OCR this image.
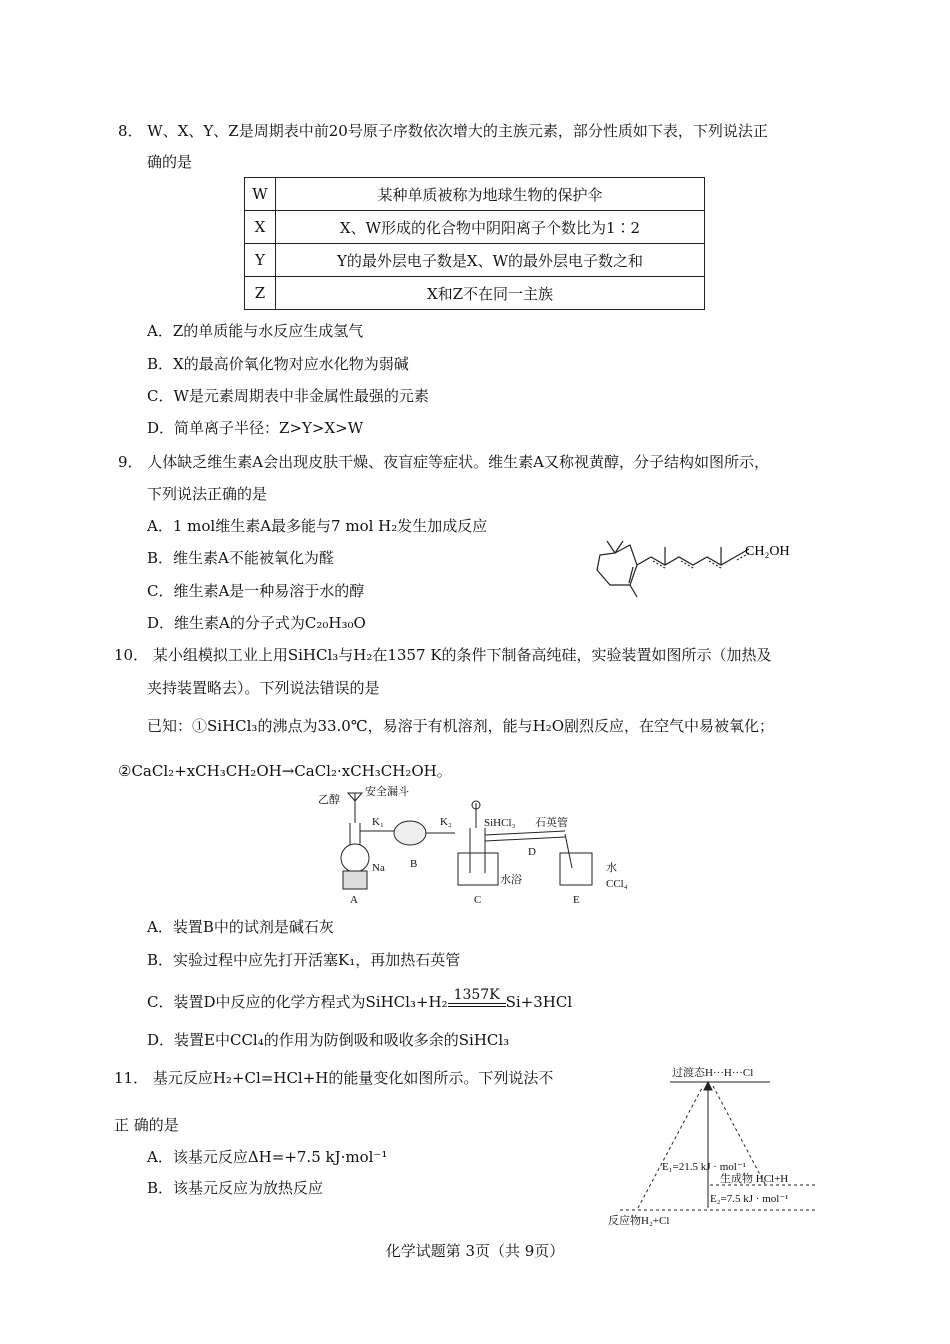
8． W、X、Y、Z是周期表中前20号原子序数依次增大的主族元素，部分性质如下表，下列说法正
确的是
W	某种单质被称为地球生物的保护伞
X	X、W形成的化合物中阴阳离子个数比为1∶2
Y	Y的最外层电子数是X、W的最外层电子数之和
Z	X和Z不在同一主族
A．Z的单质能与水反应生成氢气
B．X的最高价氧化物对应水化物为弱碱
C．W是元素周期表中非金属性最强的元素
D．简单离子半径：Z>Y>X>W
9． 人体缺乏维生素A会出现皮肤干燥、夜盲症等症状。维生素A又称视黄醇，分子结构如图所示，
下列说法正确的是
A．1 mol维生素A最多能与7 mol H₂发生加成反应
B．维生素A不能被氧化为醛
C．维生素A是一种易溶于水的醇
D．维生素A的分子式为C₂₀H₃₀O
CH₂OH
10． 某小组模拟工业上用SiHCl₃与H₂在1357 K的条件下制备高纯硅，实验装置如图所示（加热及
夹持装置略去）。下列说法错误的是
已知：①SiHCl₃的沸点为33.0℃，易溶于有机溶剂，能与H₂O剧烈反应，在空气中易被氧化；
②CaCl₂+xCH₃CH₂OH→CaCl₂·xCH₃CH₂OH。
乙醇
安全漏斗
K₁	K₂	SiHCl₃ 石英管
Na
水浴
水
CCl₄
A
B
C
D
E
A．装置B中的试剂是碱石灰
B．实验过程中应先打开活塞K₁，再加热石英管
C．装置D中反应的化学方程式为SiHCl₃+H₂ 1357K Si+3HCl
D．装置E中CCl₄的作用为防倒吸和吸收多余的SiHCl₃
11． 基元反应H₂+Cl=HCl+H的能量变化如图所示。下列说法不
正 确的是
A．该基元反应ΔH=+7.5 kJ·mol⁻¹
B．该基元反应为放热反应
过渡态H···H···Cl
E₁=21.5 kJ · mol⁻¹
生成物 HCl+H
E₂=7.5 kJ · mol⁻¹
反应物H₂+Cl
化学试题第 3页（共 9页）
